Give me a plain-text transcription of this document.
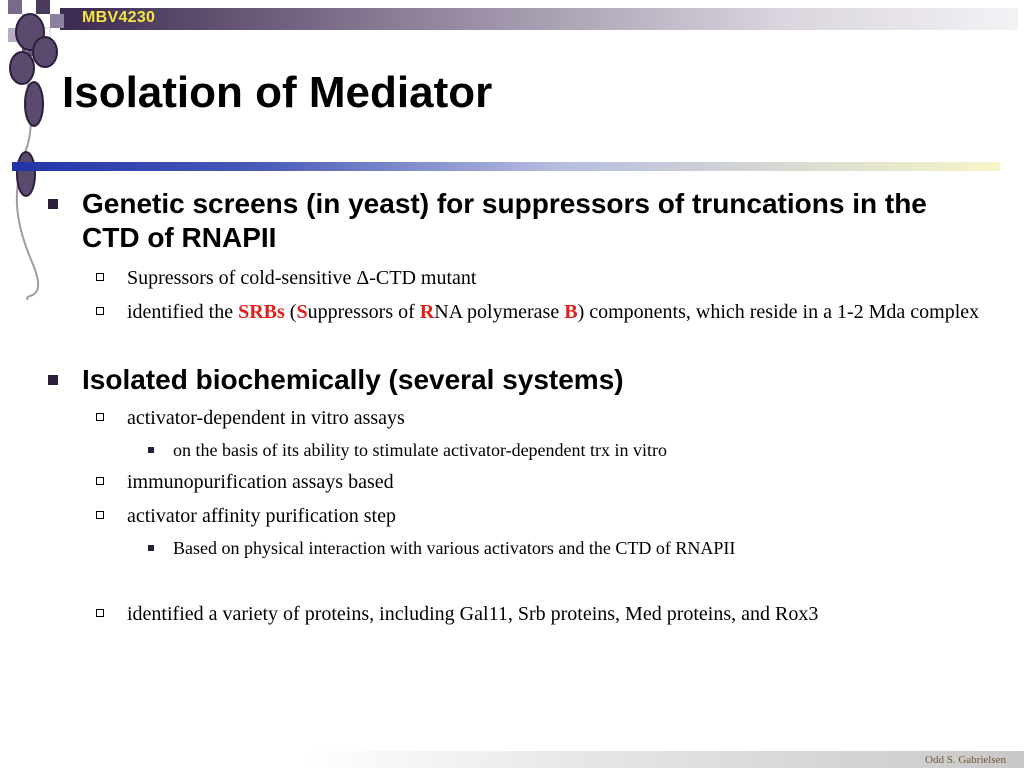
MBV4230
Isolation of Mediator
Genetic screens (in yeast) for suppressors of truncations in the CTD of RNAPII
Supressors of cold-sensitive Δ-CTD mutant
identified the SRBs (Suppressors of RNA polymerase B) components, which reside in a 1-2 Mda complex
Isolated biochemically (several systems)
activator-dependent in vitro assays
on the basis of its ability to stimulate activator-dependent trx in vitro
immunopurification assays based
activator affinity purification step
Based on physical interaction with various activators and the CTD of RNAPII
identified a variety of proteins, including Gal11, Srb proteins, Med proteins, and Rox3
Odd S. Gabrielsen
